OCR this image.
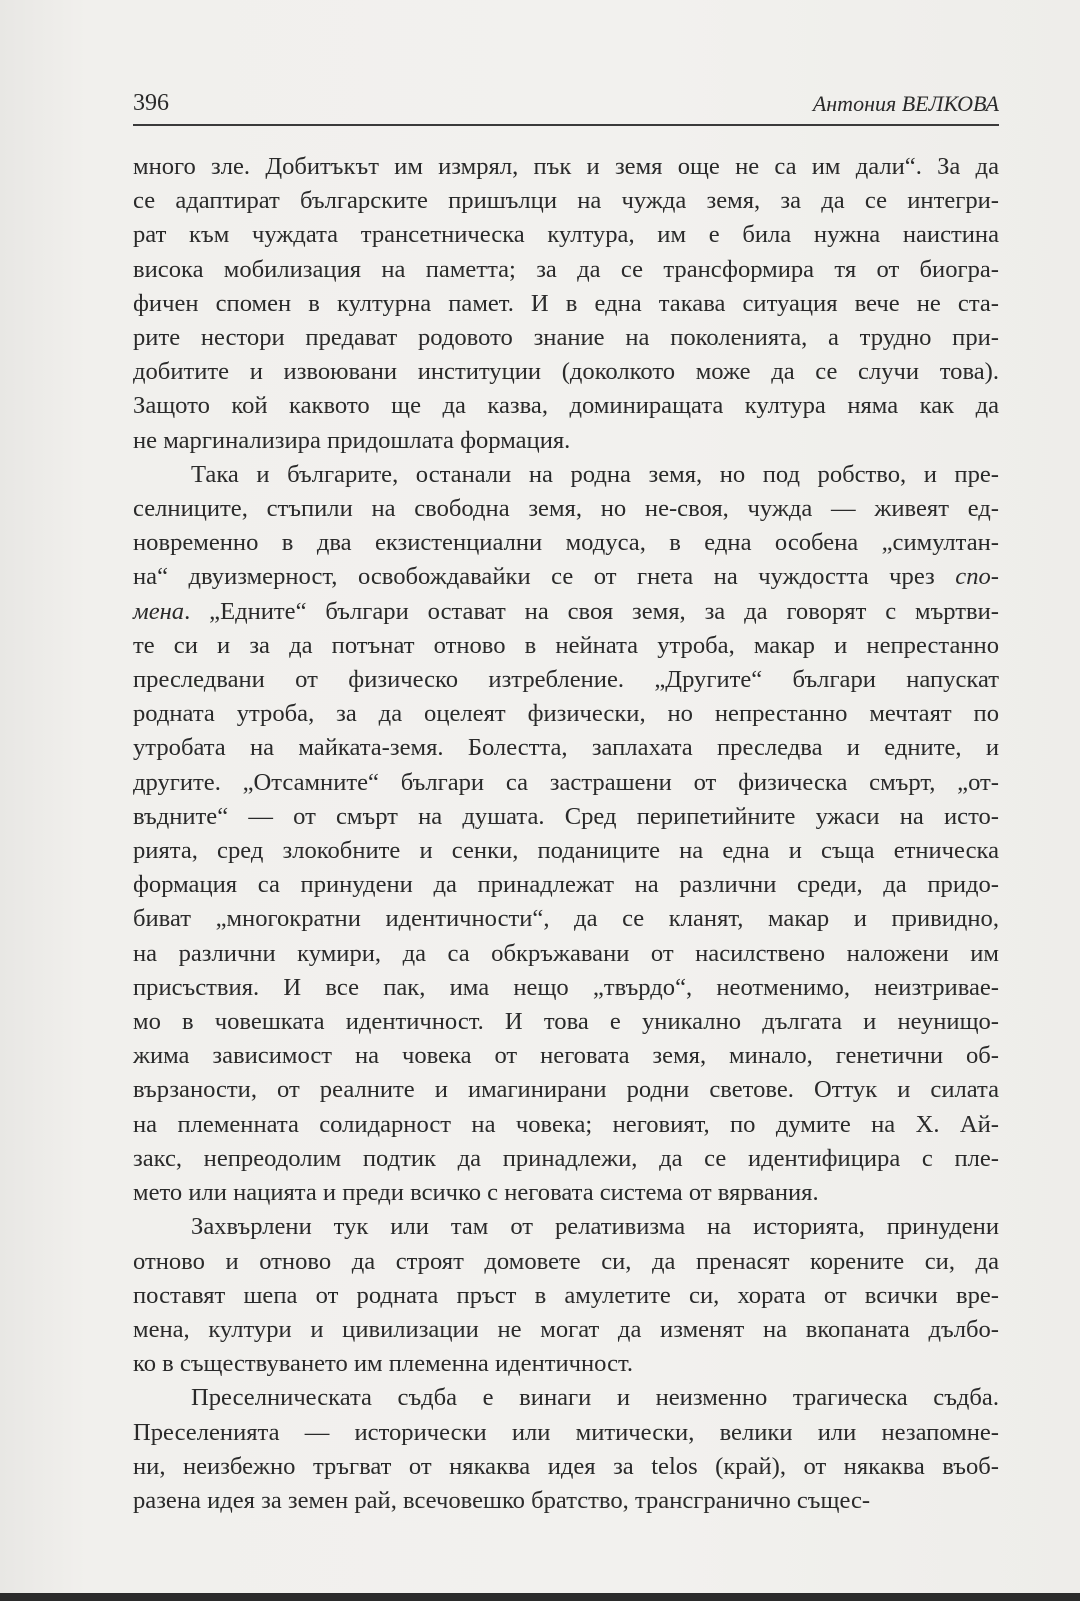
396	Антония ВЕЛКОВА
много зле. Добитъкът им измрял, пък и земя още не са им дали“. За да
се адаптират българските пришълци на чужда земя, за да се интегри-
рат към чуждата трансетническа култура, им е била нужна наистина
висока мобилизация на паметта; за да се трансформира тя от биогра-
фичен спомен в културна памет. И в една такава ситуация вече не ста-
рите нестори предават родовото знание на поколенията, а трудно при-
добитите и извоювани институции (доколкото може да се случи това).
Защото кой каквото ще да казва, доминиращата култура няма как да
не маргинализира придошлата формация.
Така и българите, останали на родна земя, но под робство, и пре-
селниците, стъпили на свободна земя, но не-своя, чужда — живеят ед-
новременно в два екзистенциални модуса, в една особена „симултан-
на“ двуизмерност, освобождавайки се от гнета на чуждостта чрез спо-
мена. „Едните“ българи остават на своя земя, за да говорят с мъртви-
те си и за да потънат отново в нейната утроба, макар и непрестанно
преследвани от физическо изтребление. „Другите“ българи напускат
родната утроба, за да оцелеят физически, но непрестанно мечтаят по
утробата на майката-земя. Болестта, заплахата преследва и едните, и
другите. „Отсамните“ българи са застрашени от физическа смърт, „от-
въдните“ — от смърт на душата. Сред перипетийните ужаси на исто-
рията, сред злокобните и сенки, поданиците на една и съща етническа
формация са принудени да принадлежат на различни среди, да придо-
биват „многократни идентичности“, да се кланят, макар и привидно,
на различни кумири, да са обкръжавани от насилствено наложени им
присъствия. И все пак, има нещо „твърдо“, неотменимо, неизтриваe-
мо в човешката идентичност. И това е уникално дългата и неунищо-
жима зависимост на човека от неговата земя, минало, генетични об-
вързаности, от реалните и имагинирани родни светове. Оттук и силата
на племенната солидарност на човека; неговият, по думите на Х. Ай-
закс, непреодолим подтик да принадлежи, да се идентифицира с пле-
мето или нацията и преди всичко с неговата система от вярвания.
Захвърлени тук или там от релативизма на историята, принудени
отново и отново да строят домовете си, да пренасят корените си, да
поставят шепа от родната пръст в амулетите си, хората от всички вре-
мена, култури и цивилизации не могат да изменят на вкопаната дълбо-
ко в съществуването им племенна идентичност.
Преселническата съдба е винаги и неизменно трагическа съдба.
Преселенията — исторически или митически, велики или незапомне-
ни, неизбежно тръгват от някаква идея за telos (край), от някаква въоб-
разена идея за земен рай, всечовешко братство, трансгранично същес-
